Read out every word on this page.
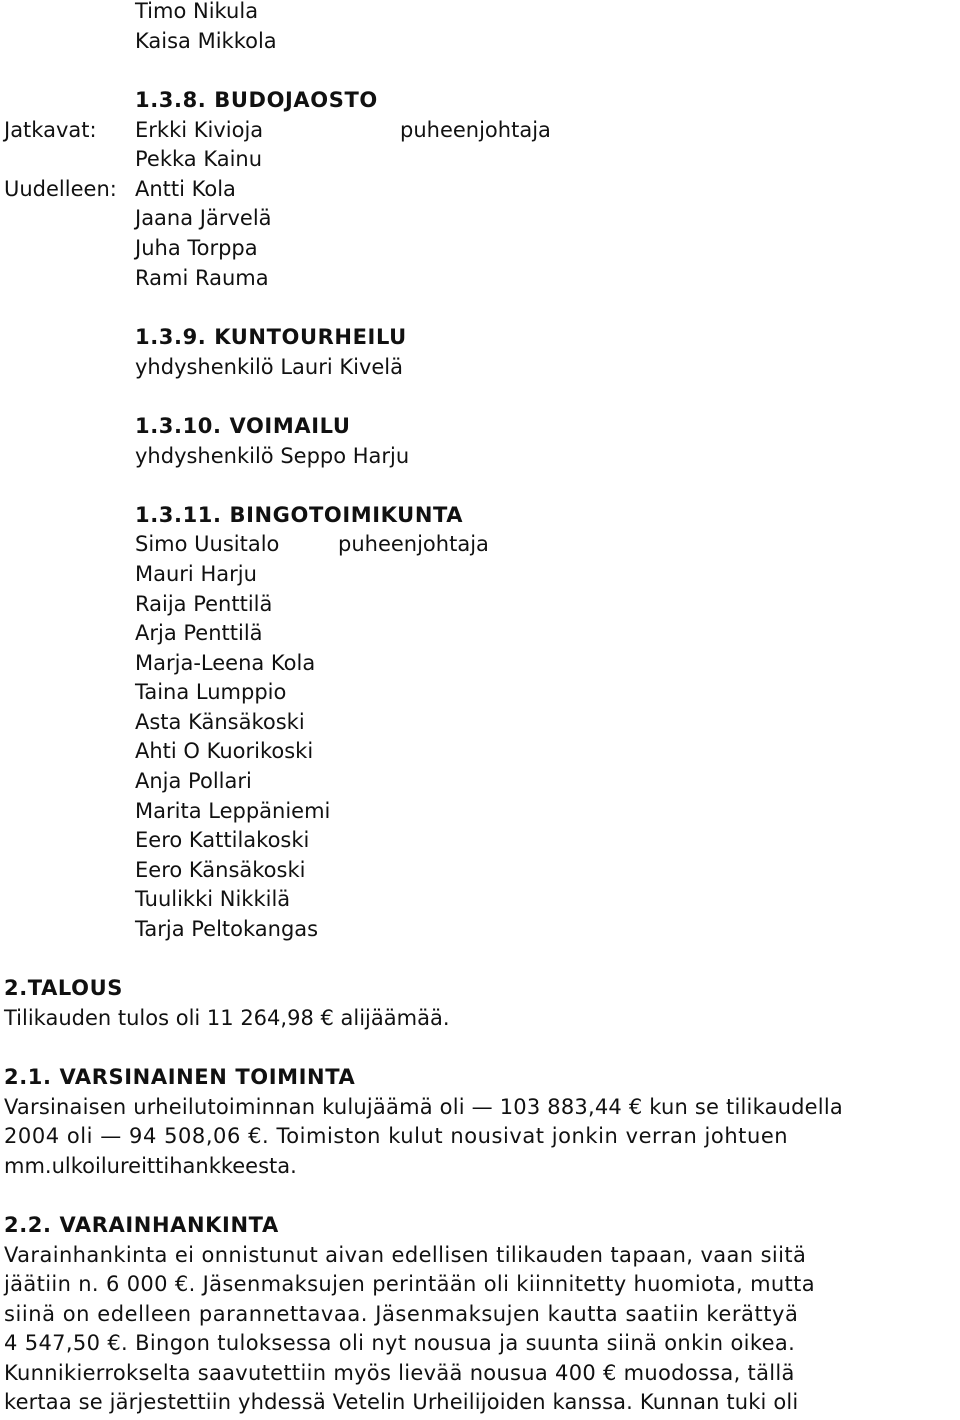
Timo Nikula
Kaisa Mikkola
1.3.8. BUDOJAOSTO
Jatkavat: Erkki Kivioja	puheenjohtaja
Pekka Kainu
Uudelleen: Antti Kola
Jaana Järvelä
Juha Torppa
Rami Rauma
1.3.9. KUNTOURHEILU
yhdyshenkilö Lauri Kivelä
1.3.10. VOIMAILU
yhdyshenkilö Seppo Harju
1.3.11. BINGOTOIMIKUNTA
Simo Uusitalo	puheenjohtaja
Mauri Harju
Raija Penttilä
Arja Penttilä
Marja-Leena Kola
Taina Lumppio
Asta Känsäkoski
Ahti O Kuorikoski
Anja Pollari
Marita Leppäniemi
Eero Kattilakoski
Eero Känsäkoski
Tuulikki Nikkilä
Tarja Peltokangas
2.TALOUS
Tilikauden tulos oli 11 264,98 € alijäämää.
2.1. VARSINAINEN TOIMINTA
Varsinaisen urheilutoiminnan kulujäämä oli — 103 883,44 € kun se tilikaudella
2004 oli — 94 508,06 €. Toimiston kulut nousivat jonkin verran johtuen
mm.ulkoilureittihankkeesta.
2.2. VARAINHANKINTA
Varainhankinta ei onnistunut aivan edellisen tilikauden tapaan, vaan siitä
jäätiin n. 6 000 €. Jäsenmaksujen perintään oli kiinnitetty huomiota, mutta
siinä on edelleen parannettavaa. Jäsenmaksujen kautta saatiin kerättyä
4 547,50 €. Bingon tuloksessa oli nyt nousua ja suunta siinä onkin oikea.
Kunnikierrokselta saavutettiin myös lievää nousua 400 € muodossa, tällä
kertaa se järjestettiin yhdessä Vetelin Urheilijoiden kanssa. Kunnan tuki oli
